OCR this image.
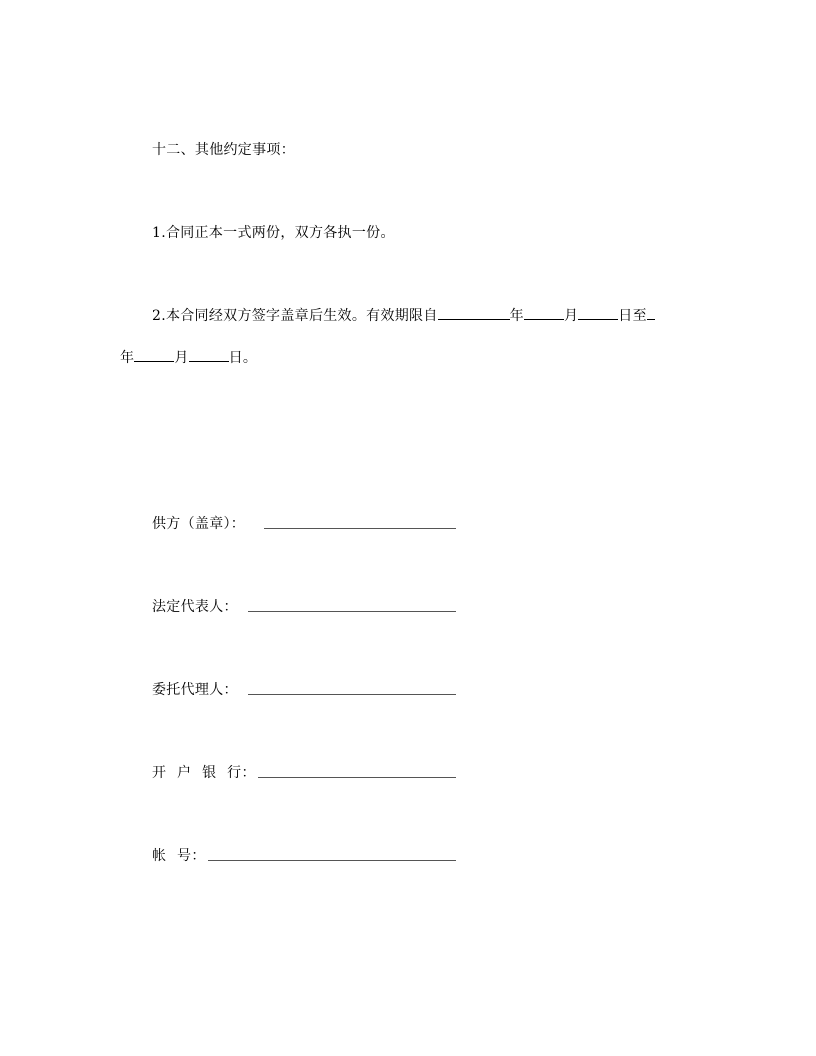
十二、其他约定事项：
1.合同正本一式两份，双方各执一份。
2.本合同经双方签字盖章后生效。有效期限自	年	月	日至
年	月	日。
供方（盖章）：
法定代表人：
委托代理人：
开 户 银 行：
帐 号：
